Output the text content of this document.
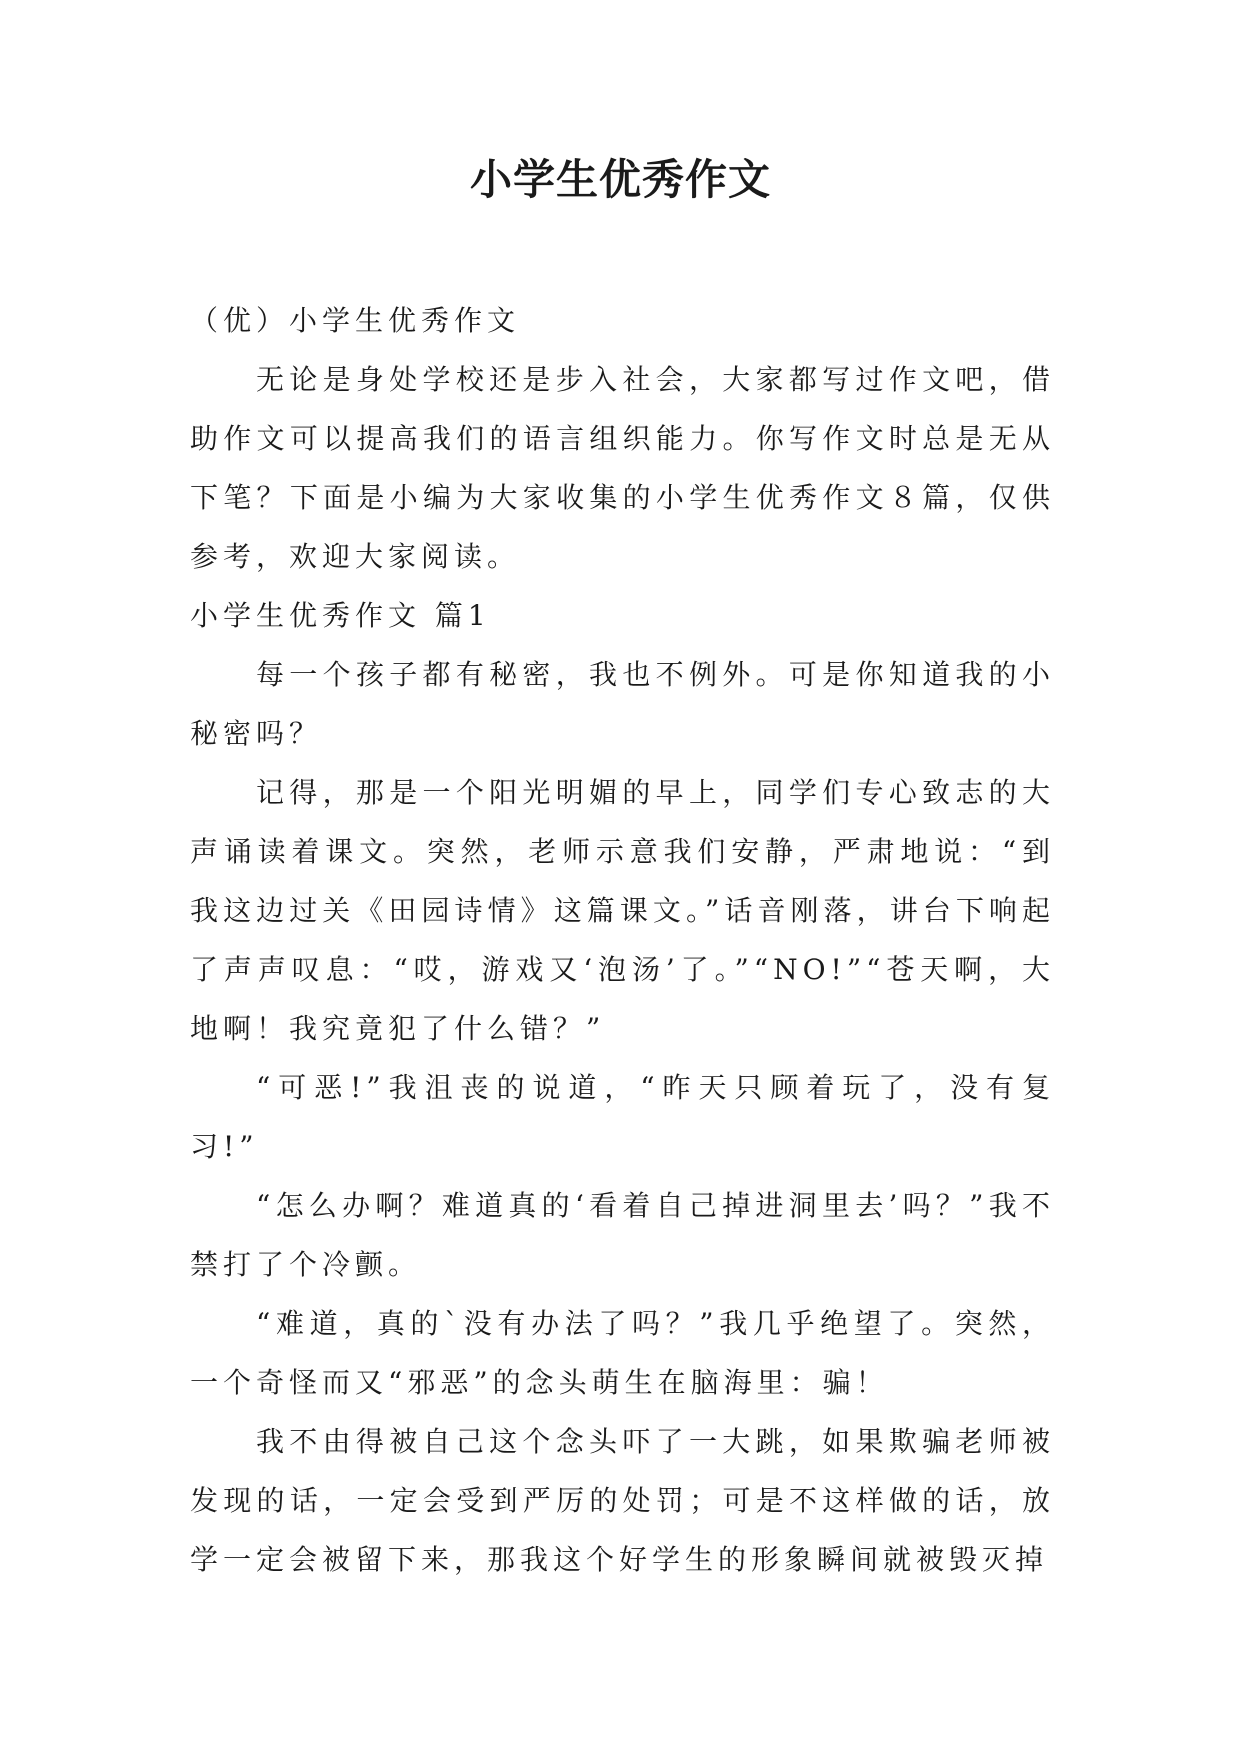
小学生优秀作文

（优）小学生优秀作文

无论是身处学校还是步入社会，大家都写过作文吧，借助作文可以提高我们的语言组织能力。你写作文时总是无从下笔？下面是小编为大家收集的小学生优秀作文８篇，仅供参考，欢迎大家阅读。

小学生优秀作文 篇1

每一个孩子都有秘密，我也不例外。可是你知道我的小秘密吗？

记得，那是一个阳光明媚的早上，同学们专心致志的大声诵读着课文。突然，老师示意我们安静，严肃地说：“到我这边过关《田园诗情》这篇课文。”话音刚落，讲台下响起了声声叹息：“哎，游戏又‘泡汤’了。”“NO!”“苍天啊，大地啊！我究竟犯了什么错？”

“可恶!”我沮丧的说道，“昨天只顾着玩了，没有复习!”

“怎么办啊？难道真的‘看着自己掉进洞里去’吗？”我不禁打了个冷颤。

“难道，真的`没有办法了吗？”我几乎绝望了。突然，一个奇怪而又“邪恶”的念头萌生在脑海里：骗！

我不由得被自己这个念头吓了一大跳，如果欺骗老师被发现的话，一定会受到严厉的处罚；可是不这样做的话，放学一定会被留下来，那我这个好学生的形象瞬间就被毁灭掉
